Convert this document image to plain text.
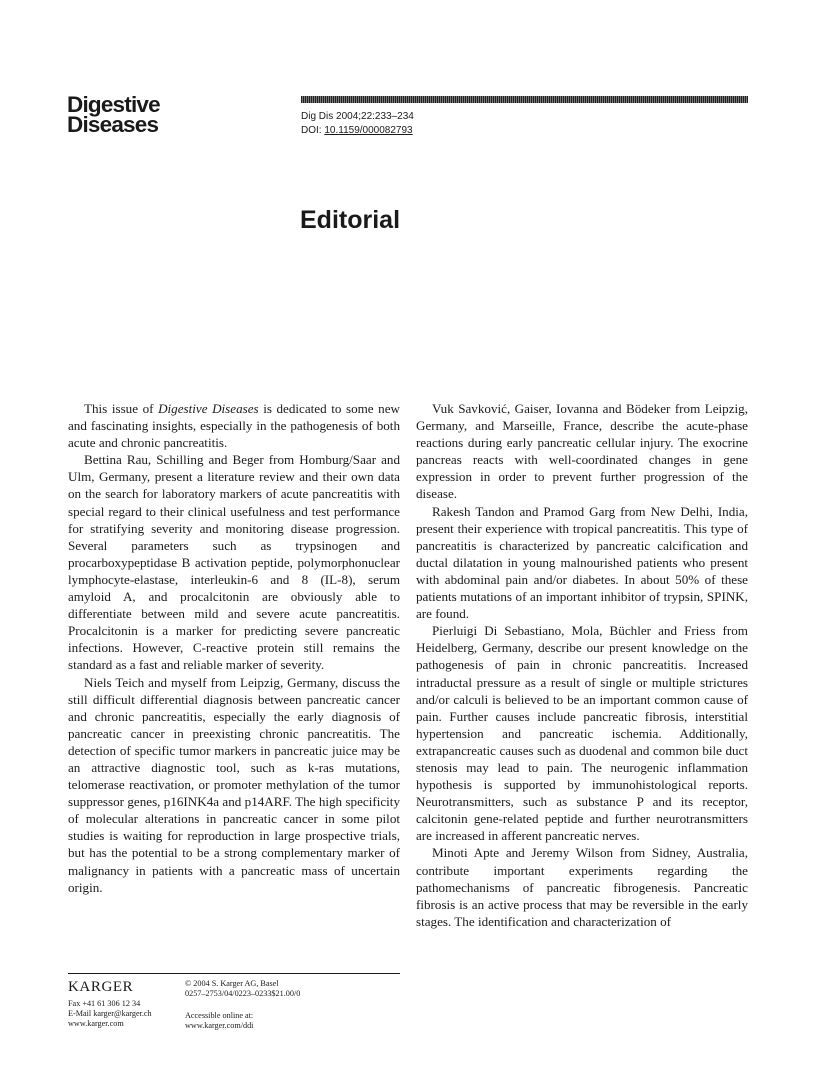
Digestive
Diseases	Dig Dis 2004;22:233–234
DOI: 10.1159/000082793
Editorial

This issue of Digestive Diseases is dedicated to some new and fascinating insights, especially in the pathogenesis of both acute and chronic pancreatitis.

Bettina Rau, Schilling and Beger from Homburg/Saar and Ulm, Germany, present a literature review and their own data on the search for laboratory markers of acute pancreatitis with special regard to their clinical usefulness and test performance for stratifying severity and monitoring disease progression. Several parameters such as trypsinogen and procarboxypeptidase B activation peptide, polymorphonuclear lymphocyte-elastase, interleukin-6 and 8 (IL-8), serum amyloid A, and procalcitonin are obviously able to differentiate between mild and severe acute pancreatitis. Procalcitonin is a marker for predicting severe pancreatic infections. However, C-reactive protein still remains the standard as a fast and reliable marker of severity.

Niels Teich and myself from Leipzig, Germany, discuss the still difficult differential diagnosis between pancreatic cancer and chronic pancreatitis, especially the early diagnosis of pancreatic cancer in preexisting chronic pancreatitis. The detection of specific tumor markers in pancreatic juice may be an attractive diagnostic tool, such as k-ras mutations, telomerase reactivation, or promoter methylation of the tumor suppressor genes, p16INK4a and p14ARF. The high specificity of molecular alterations in pancreatic cancer in some pilot studies is waiting for reproduction in large prospective trials, but has the potential to be a strong complementary marker of malignancy in patients with a pancreatic mass of uncertain origin.

Vuk Savković, Gaiser, Iovanna and Bödeker from Leipzig, Germany, and Marseille, France, describe the acute-phase reactions during early pancreatic cellular injury. The exocrine pancreas reacts with well-coordinated changes in gene expression in order to prevent further progression of the disease.

Rakesh Tandon and Pramod Garg from New Delhi, India, present their experience with tropical pancreatitis. This type of pancreatitis is characterized by pancreatic calcification and ductal dilatation in young malnourished patients who present with abdominal pain and/or diabetes. In about 50% of these patients mutations of an important inhibitor of trypsin, SPINK, are found.

Pierluigi Di Sebastiano, Mola, Büchler and Friess from Heidelberg, Germany, describe our present knowledge on the pathogenesis of pain in chronic pancreatitis. Increased intraductal pressure as a result of single or multiple strictures and/or calculi is believed to be an important common cause of pain. Further causes include pancreatic fibrosis, interstitial hypertension and pancreatic ischemia. Additionally, extrapancreatic causes such as duodenal and common bile duct stenosis may lead to pain. The neurogenic inflammation hypothesis is supported by immunohistological reports. Neurotransmitters, such as substance P and its receptor, calcitonin gene-related peptide and further neurotransmitters are increased in afferent pancreatic nerves.

Minoti Apte and Jeremy Wilson from Sidney, Australia, contribute important experiments regarding the pathomechanisms of pancreatic fibrogenesis. Pancreatic fibrosis is an active process that may be reversible in the early stages. The identification and characterization of

KARGER
Fax +41 61 306 12 34
E-Mail karger@karger.ch
www.karger.com
© 2004 S. Karger AG, Basel
0257–2753/04/0223–0233$21.00/0
Accessible online at:
www.karger.com/ddi
